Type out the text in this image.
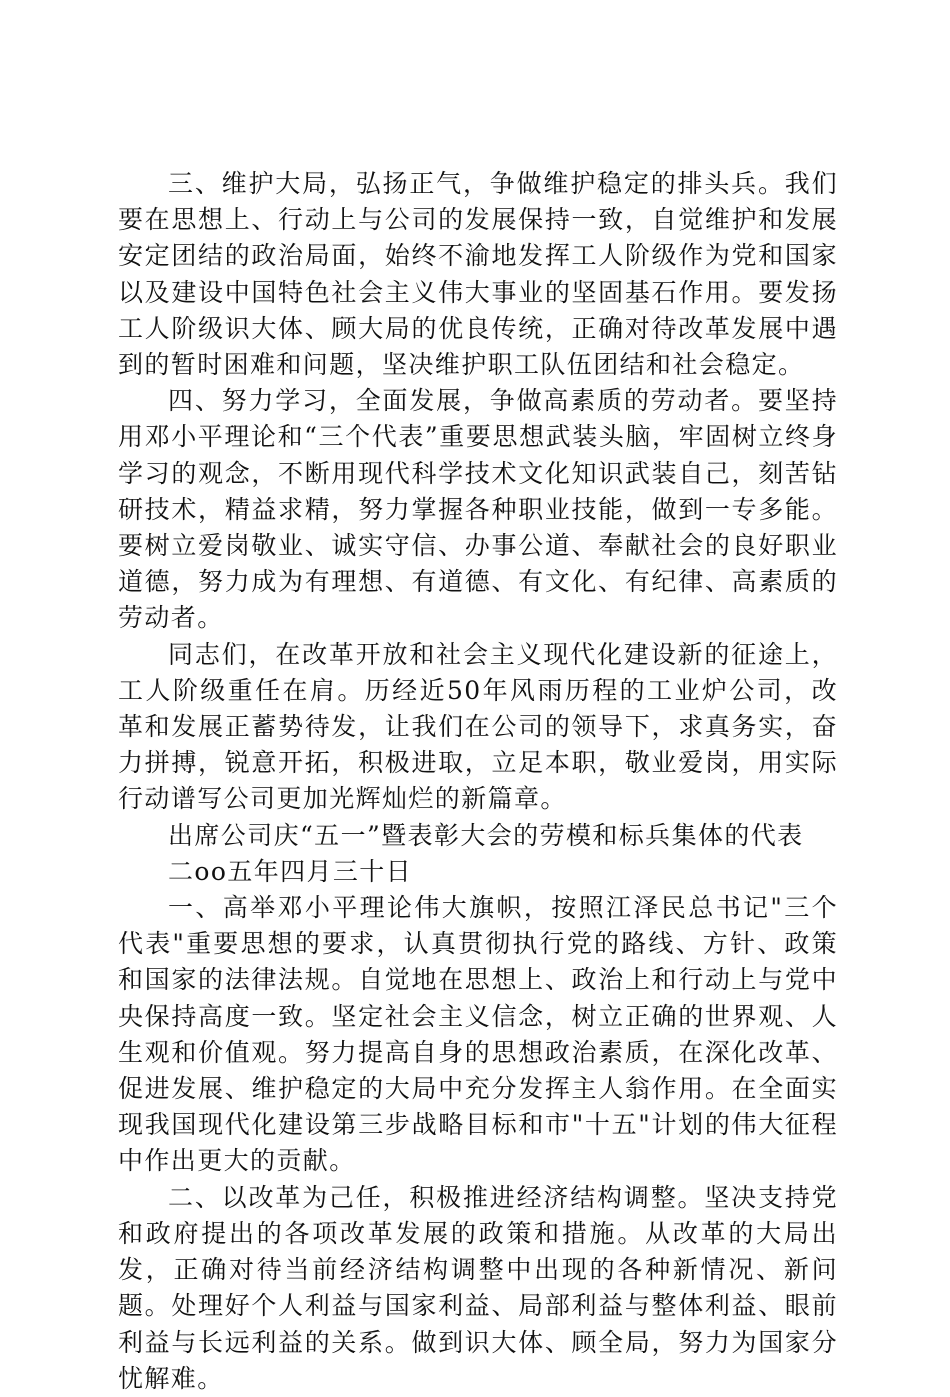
三、维护大局，弘扬正气，争做维护稳定的排头兵。我们要在思想上、行动上与公司的发展保持一致，自觉维护和发展安定团结的政治局面，始终不渝地发挥工人阶级作为党和国家以及建设中国特色社会主义伟大事业的坚固基石作用。要发扬工人阶级识大体、顾大局的优良传统，正确对待改革发展中遇到的暂时困难和问题，坚决维护职工队伍团结和社会稳定。

四、努力学习，全面发展，争做高素质的劳动者。要坚持用邓小平理论和“三个代表”重要思想武装头脑，牢固树立终身学习的观念，不断用现代科学技术文化知识武装自己，刻苦钻研技术，精益求精，努力掌握各种职业技能，做到一专多能。要树立爱岗敬业、诚实守信、办事公道、奉献社会的良好职业道德，努力成为有理想、有道德、有文化、有纪律、高素质的劳动者。

同志们，在改革开放和社会主义现代化建设新的征途上，工人阶级重任在肩。历经近50年风雨历程的工业炉公司，改革和发展正蓄势待发，让我们在公司的领导下，求真务实，奋力拼搏，锐意开拓，积极进取，立足本职，敬业爱岗，用实际行动谱写公司更加光辉灿烂的新篇章。

出席公司庆“五一”暨表彰大会的劳模和标兵集体的代表

二oo五年四月三十日

一、高举邓小平理论伟大旗帜，按照江泽民总书记"三个代表"重要思想的要求，认真贯彻执行党的路线、方针、政策和国家的法律法规。自觉地在思想上、政治上和行动上与党中央保持高度一致。坚定社会主义信念，树立正确的世界观、人生观和价值观。努力提高自身的思想政治素质，在深化改革、促进发展、维护稳定的大局中充分发挥主人翁作用。在全面实现我国现代化建设第三步战略目标和市"十五"计划的伟大征程中作出更大的贡献。

二、以改革为己任，积极推进经济结构调整。坚决支持党和政府提出的各项改革发展的政策和措施。从改革的大局出发，正确对待当前经济结构调整中出现的各种新情况、新问题。处理好个人利益与国家利益、局部利益与整体利益、眼前利益与长远利益的关系。做到识大体、顾全局，努力为国家分忧解难。
